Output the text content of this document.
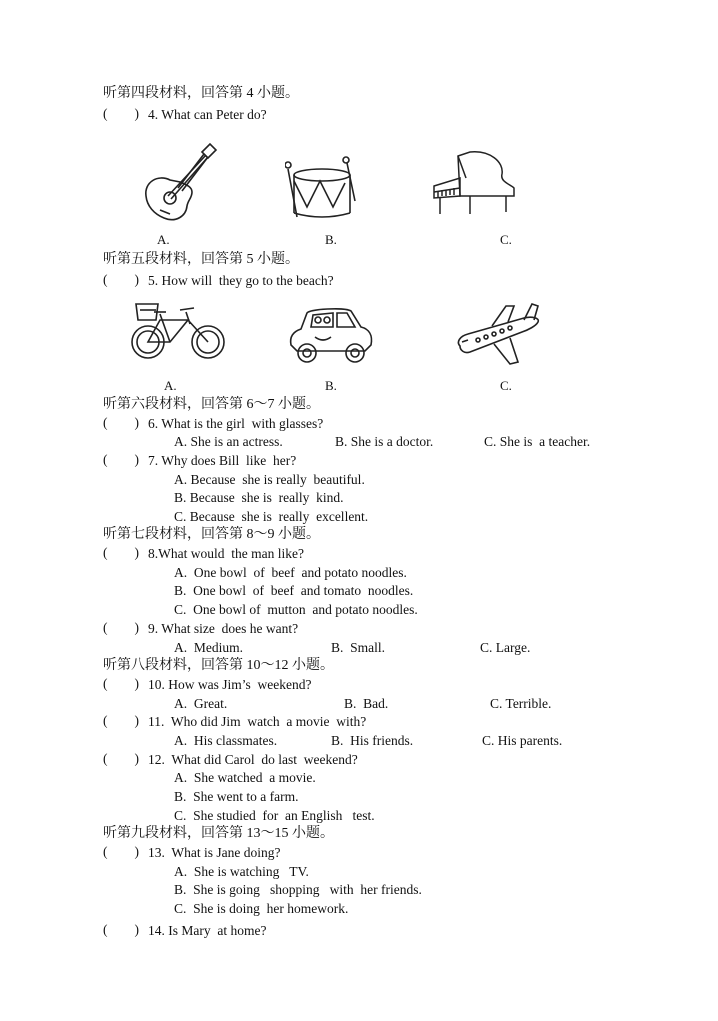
听第四段材料，回答第 4 小题。
(        ) 4. What can Peter do?
A.	B.	C.
听第五段材料，回答第 5 小题。
(        ) 5. How will  they go to the beach?
A.	B.	C.
听第六段材料，回答第 6～7 小题。
(        ) 6. What is the girl  with glasses?
A. She is an actress.	B. She is a doctor.	C. She is  a teacher.
(        ) 7. Why does Bill  like  her?
A. Because  she is really  beautiful.
B. Because  she is  really  kind.
C. Because  she is  really  excellent.
听第七段材料，回答第 8～9 小题。
(        ) 8.What would  the man like?
A.  One bowl  of  beef  and potato noodles.
B.  One bowl  of  beef  and tomato  noodles.
C.  One bowl of  mutton  and potato noodles.
(        ) 9. What size  does he want?
A.  Medium.	B.  Small.	C. Large.
听第八段材料，回答第 10～12 小题。
(        ) 10. How was Jim’s  weekend?
A.  Great.	B.  Bad.	C. Terrible.
(        ) 11.  Who did Jim  watch  a movie  with?
A.  His classmates.	B.  His friends.	C. His parents.
(        ) 12.  What did Carol  do last  weekend?
A.  She watched  a movie.
B.  She went to a farm.
C.  She studied  for  an English   test.
听第九段材料，回答第 13～15 小题。
(        ) 13.  What is Jane doing?
A.  She is watching   TV.
B.  She is going   shopping   with  her friends.
C.  She is doing  her homework.
(        ) 14. Is Mary  at home?
